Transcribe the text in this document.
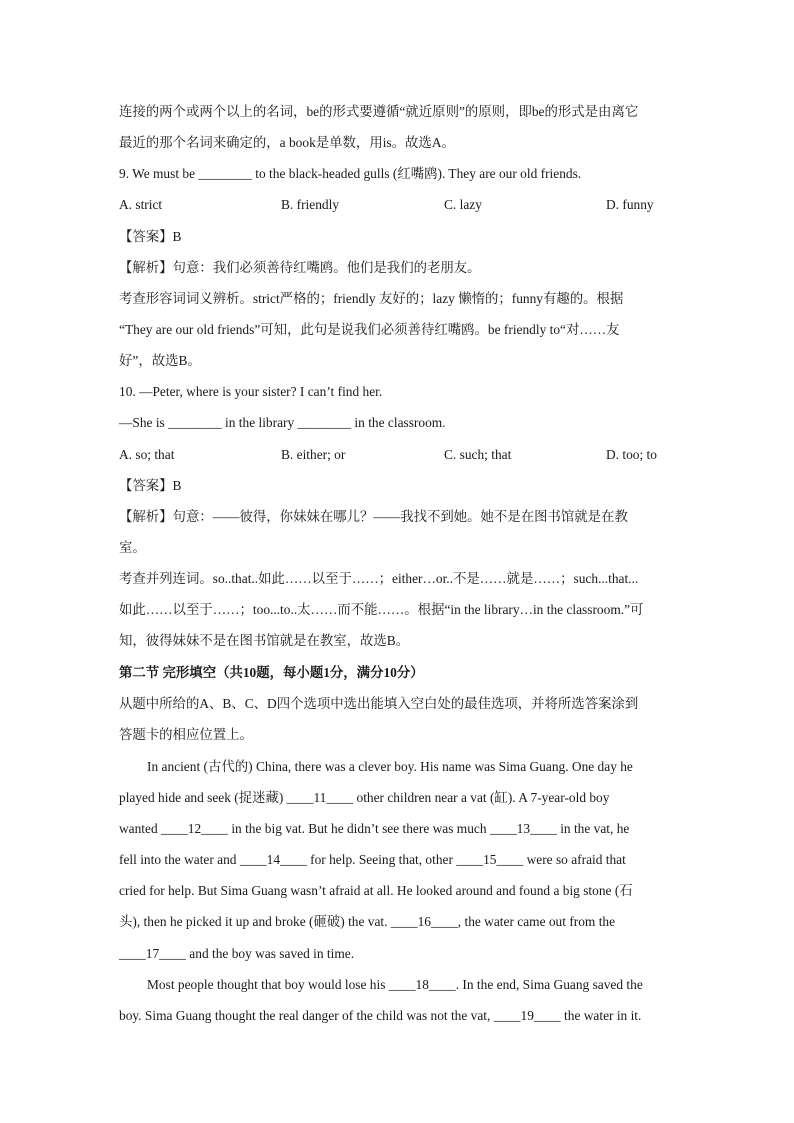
连接的两个或两个以上的名词，be的形式要遵循“就近原则”的原则，即be的形式是由离它
最近的那个名词来确定的，a book是单数，用is。故选A。
9. We must be ________ to the black-headed gulls (红嘴鸥). They are our old friends.
A. strict	B. friendly	C. lazy	D. funny
【答案】B
【解析】句意：我们必须善待红嘴鸥。他们是我们的老朋友。
考查形容词词义辨析。strict严格的；friendly 友好的；lazy 懒惰的；funny有趣的。根据
“They are our old friends”可知，此句是说我们必须善待红嘴鸥。be friendly to“对……友
好”，故选B。
10. —Peter, where is your sister? I can’t find her.
—She is ________ in the library ________ in the classroom.
A. so; that	B. either; or	C. such; that	D. too; to
【答案】B
【解析】句意：——彼得，你妹妹在哪儿？——我找不到她。她不是在图书馆就是在教
室。
考查并列连词。so..that..如此……以至于……；either…or..不是……就是……；such...that...
如此……以至于……；too...to..太……而不能……。根据“in the library…in the classroom.”可
知，彼得妹妹不是在图书馆就是在教室，故选B。
第二节 完形填空（共10题，每小题1分，满分10分）
从题中所给的A、B、C、D四个选项中选出能填入空白处的最佳选项，并将所选答案涂到
答题卡的相应位置上。
In ancient (古代的) China, there was a clever boy. His name was Sima Guang. One day he
played hide and seek (捉迷藏) ____11____ other children near a vat (缸). A 7-year-old boy
wanted ____12____ in the big vat. But he didn’t see there was much ____13____ in the vat, he
fell into the water and ____14____ for help. Seeing that, other ____15____ were so afraid that
cried for help. But Sima Guang wasn’t afraid at all. He looked around and found a big stone (石
头), then he picked it up and broke (砸破) the vat. ____16____, the water came out from the
____17____ and the boy was saved in time.
Most people thought that boy would lose his ____18____. In the end, Sima Guang saved the
boy. Sima Guang thought the real danger of the child was not the vat, ____19____ the water in it.
